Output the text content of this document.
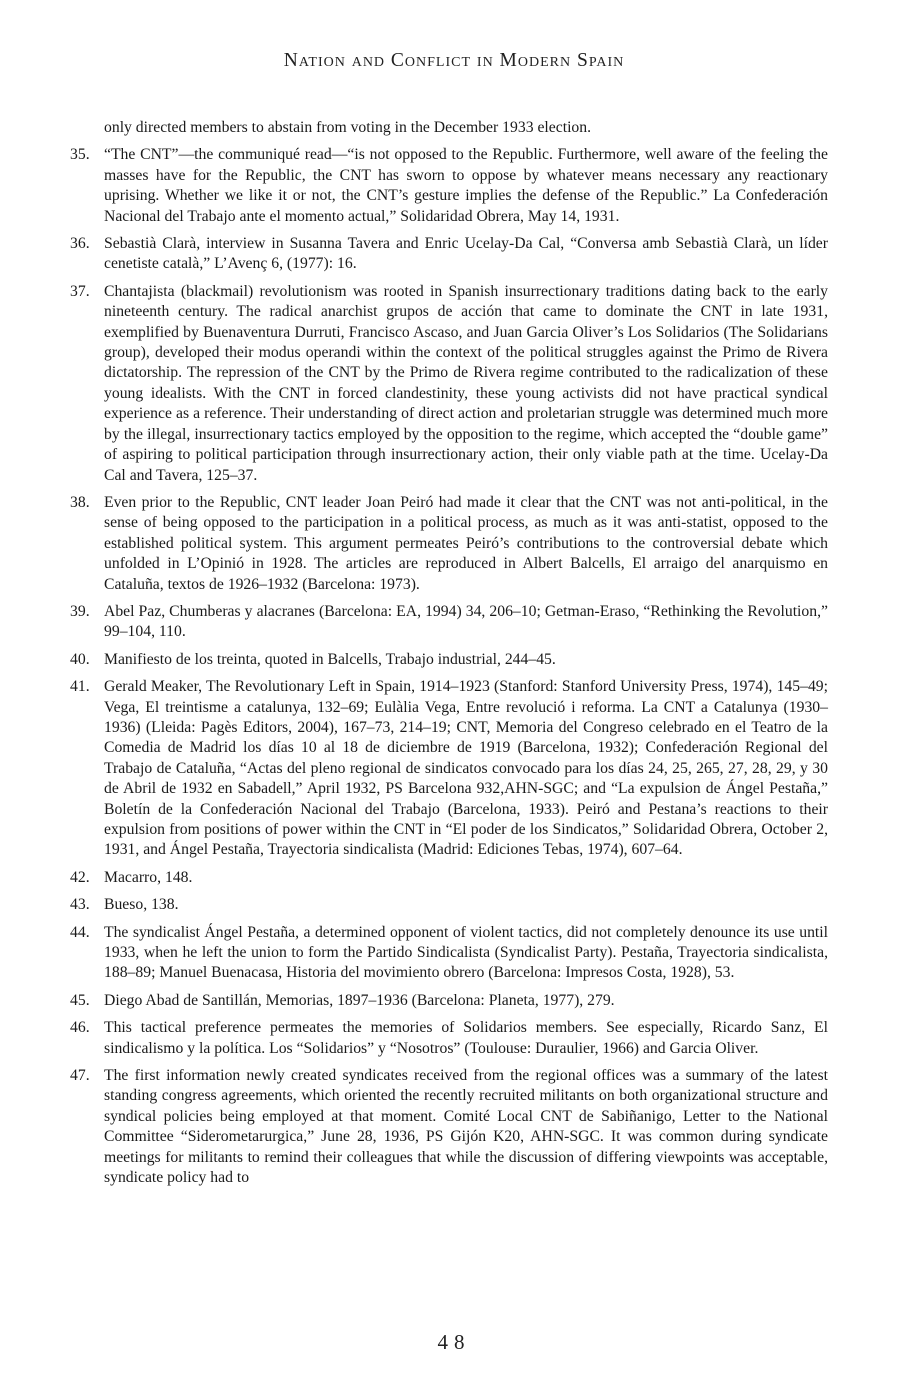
Nation and Conflict in Modern Spain

only directed members to abstain from voting in the December 1933 election.

35. “The CNT”—the communiqué read—“is not opposed to the Republic. Furthermore, well aware of the feeling the masses have for the Republic, the CNT has sworn to oppose by whatever means necessary any reactionary uprising. Whether we like it or not, the CNT’s gesture implies the defense of the Republic.” La Confederación Nacional del Trabajo ante el momento actual,” Solidaridad Obrera, May 14, 1931.
36. Sebastià Clarà, interview in Susanna Tavera and Enric Ucelay-Da Cal, “Conversa amb Sebastià Clarà, un líder cenetiste català,” L’Avenç 6, (1977): 16.
37. Chantajista (blackmail) revolutionism was rooted in Spanish insurrectionary traditions dating back to the early nineteenth century. The radical anarchist grupos de acción that came to dominate the CNT in late 1931, exemplified by Buenaventura Durruti, Francisco Ascaso, and Juan Garcia Oliver’s Los Solidarios (The Solidarians group), developed their modus operandi within the context of the political struggles against the Primo de Rivera dictatorship. The repression of the CNT by the Primo de Rivera regime contributed to the radicalization of these young idealists. With the CNT in forced clandestinity, these young activists did not have practical syndical experience as a reference. Their understanding of direct action and proletarian struggle was determined much more by the illegal, insurrectionary tactics employed by the opposition to the regime, which accepted the “double game” of aspiring to political participation through insurrectionary action, their only viable path at the time. Ucelay-Da Cal and Tavera, 125–37.
38. Even prior to the Republic, CNT leader Joan Peiró had made it clear that the CNT was not anti-political, in the sense of being opposed to the participation in a political process, as much as it was anti-statist, opposed to the established political system. This argument permeates Peiró’s contributions to the controversial debate which unfolded in L’Opinió in 1928. The articles are reproduced in Albert Balcells, El arraigo del anarquismo en Cataluña, textos de 1926–1932 (Barcelona: 1973).
39. Abel Paz, Chumberas y alacranes (Barcelona: EA, 1994) 34, 206–10; Getman-Eraso, “Rethinking the Revolution,” 99–104, 110.
40. Manifiesto de los treinta, quoted in Balcells, Trabajo industrial, 244–45.
41. Gerald Meaker, The Revolutionary Left in Spain, 1914–1923 (Stanford: Stanford University Press, 1974), 145–49; Vega, El treintisme a catalunya, 132–69; Eulàlia Vega, Entre revolució i reforma. La CNT a Catalunya (1930–1936) (Lleida: Pagès Editors, 2004), 167–73, 214–19; CNT, Memoria del Congreso celebrado en el Teatro de la Comedia de Madrid los días 10 al 18 de diciembre de 1919 (Barcelona, 1932); Confederación Regional del Trabajo de Cataluña, “Actas del pleno regional de sindicatos convocado para los días 24, 25, 265, 27, 28, 29, y 30 de Abril de 1932 en Sabadell,” April 1932, PS Barcelona 932,AHN-SGC; and “La expulsion de Ángel Pestaña,” Boletín de la Confederación Nacional del Trabajo (Barcelona, 1933). Peiró and Pestana’s reactions to their expulsion from positions of power within the CNT in “El poder de los Sindicatos,” Solidaridad Obrera, October 2, 1931, and Ángel Pestaña, Trayectoria sindicalista (Madrid: Ediciones Tebas, 1974), 607–64.
42. Macarro, 148.
43. Bueso, 138.
44. The syndicalist Ángel Pestaña, a determined opponent of violent tactics, did not completely denounce its use until 1933, when he left the union to form the Partido Sindicalista (Syndicalist Party). Pestaña, Trayectoria sindicalista, 188–89; Manuel Buenacasa, Historia del movimiento obrero (Barcelona: Impresos Costa, 1928), 53.
45. Diego Abad de Santillán, Memorias, 1897–1936 (Barcelona: Planeta, 1977), 279.
46. This tactical preference permeates the memories of Solidarios members. See especially, Ricardo Sanz, El sindicalismo y la política. Los “Solidarios” y “Nosotros” (Toulouse: Duraulier, 1966) and Garcia Oliver.
47. The first information newly created syndicates received from the regional offices was a summary of the latest standing congress agreements, which oriented the recently recruited militants on both organizational structure and syndical policies being employed at that moment. Comité Local CNT de Sabiñanigo, Letter to the National Committee “Siderometarurgica,” June 28, 1936, PS Gijón K20, AHN-SGC. It was common during syndicate meetings for militants to remind their colleagues that while the discussion of differing viewpoints was acceptable, syndicate policy had to
48
